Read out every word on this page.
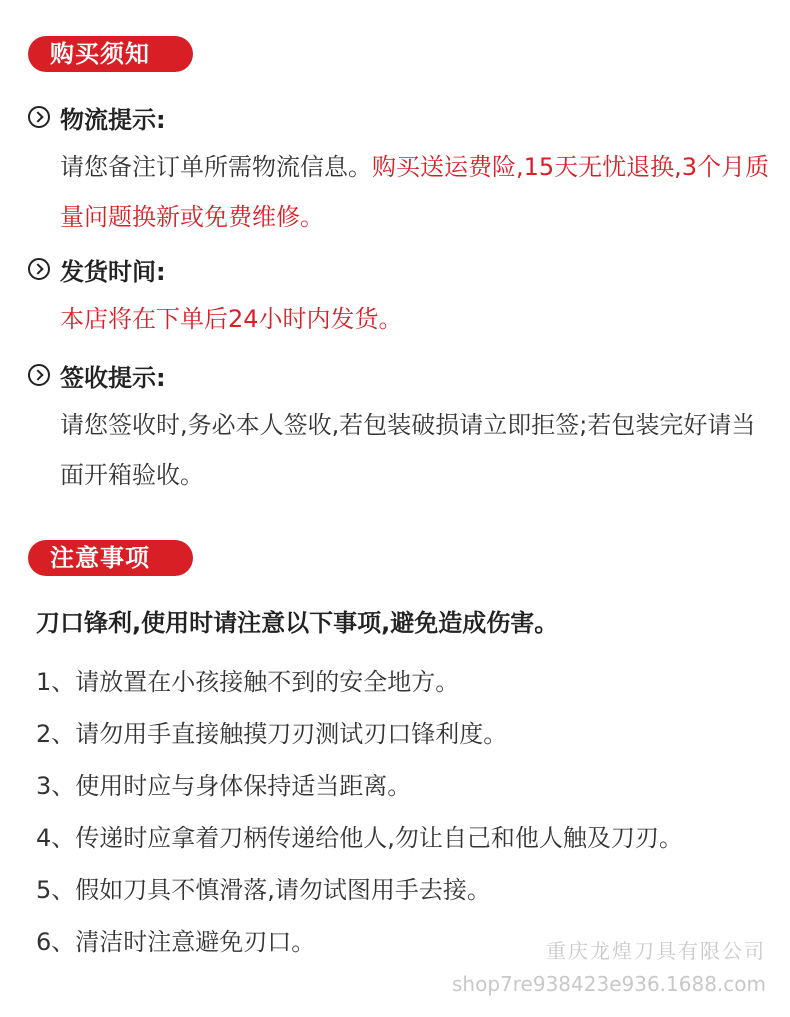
购买须知
物流提示:
请您备注订单所需物流信息。购买送运费险,15天无忧退换,3个月质量问题换新或免费维修。
发货时间:
本店将在下单后24小时内发货。
签收提示:
请您签收时,务必本人签收,若包装破损请立即拒签;若包装完好请当面开箱验收。
注意事项
刀口锋利,使用时请注意以下事项,避免造成伤害。
1、请放置在小孩接触不到的安全地方。
2、请勿用手直接触摸刀刃测试刃口锋利度。
3、使用时应与身体保持适当距离。
4、传递时应拿着刀柄传递给他人,勿让自己和他人触及刀刃。
5、假如刀具不慎滑落,请勿试图用手去接。
6、清洁时注意避免刃口。	重庆龙煌刀具有限公司
shop7re938423e936.1688.com
